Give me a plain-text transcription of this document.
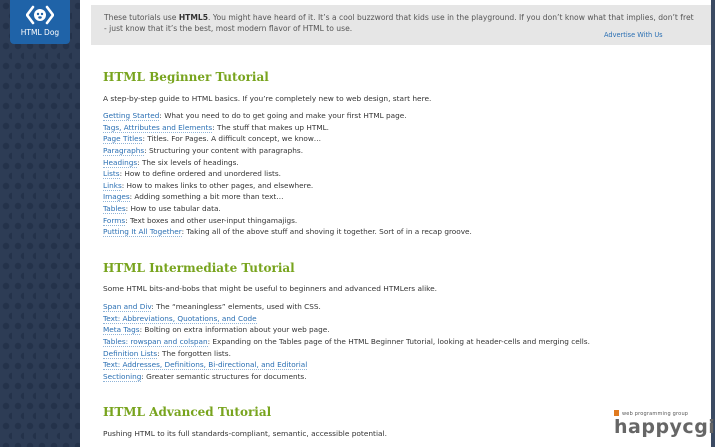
HTML Dog
These tutorials use HTML5. You might have heard of it. It’s a cool buzzword that kids use in the playground. If you don’t know what that implies, don’t fret - just know that it’s the best, most modern flavor of HTML to use.
Advertise With Us
HTML Beginner Tutorial

A step-by-step guide to HTML basics. If you’re completely new to web design, start here.

Getting Started: What you need to do to get going and make your first HTML page.
Tags, Attributes and Elements: The stuff that makes up HTML.
Page Titles: Titles. For Pages. A difficult concept, we know…
Paragraphs: Structuring your content with paragraphs.
Headings: The six levels of headings.
Lists: How to define ordered and unordered lists.
Links: How to makes links to other pages, and elsewhere.
Images: Adding something a bit more than text…
Tables: How to use tabular data.
Forms: Text boxes and other user-input thingamajigs.
Putting It All Together: Taking all of the above stuff and shoving it together. Sort of in a recap groove.
HTML Intermediate Tutorial

Some HTML bits-and-bobs that might be useful to beginners and advanced HTMLers alike.

Span and Div: The “meaningless” elements, used with CSS.
Text: Abbreviations, Quotations, and Code
Meta Tags: Bolting on extra information about your web page.
Tables: rowspan and colspan: Expanding on the Tables page of the HTML Beginner Tutorial, looking at header-cells and merging cells.
Definition Lists: The forgotten lists.
Text: Addresses, Definitions, Bi-directional, and Editorial
Sectioning: Greater semantic structures for documents.
HTML Advanced Tutorial

Pushing HTML to its full standards-compliant, semantic, accessible potential.

web programming group
happycgi
